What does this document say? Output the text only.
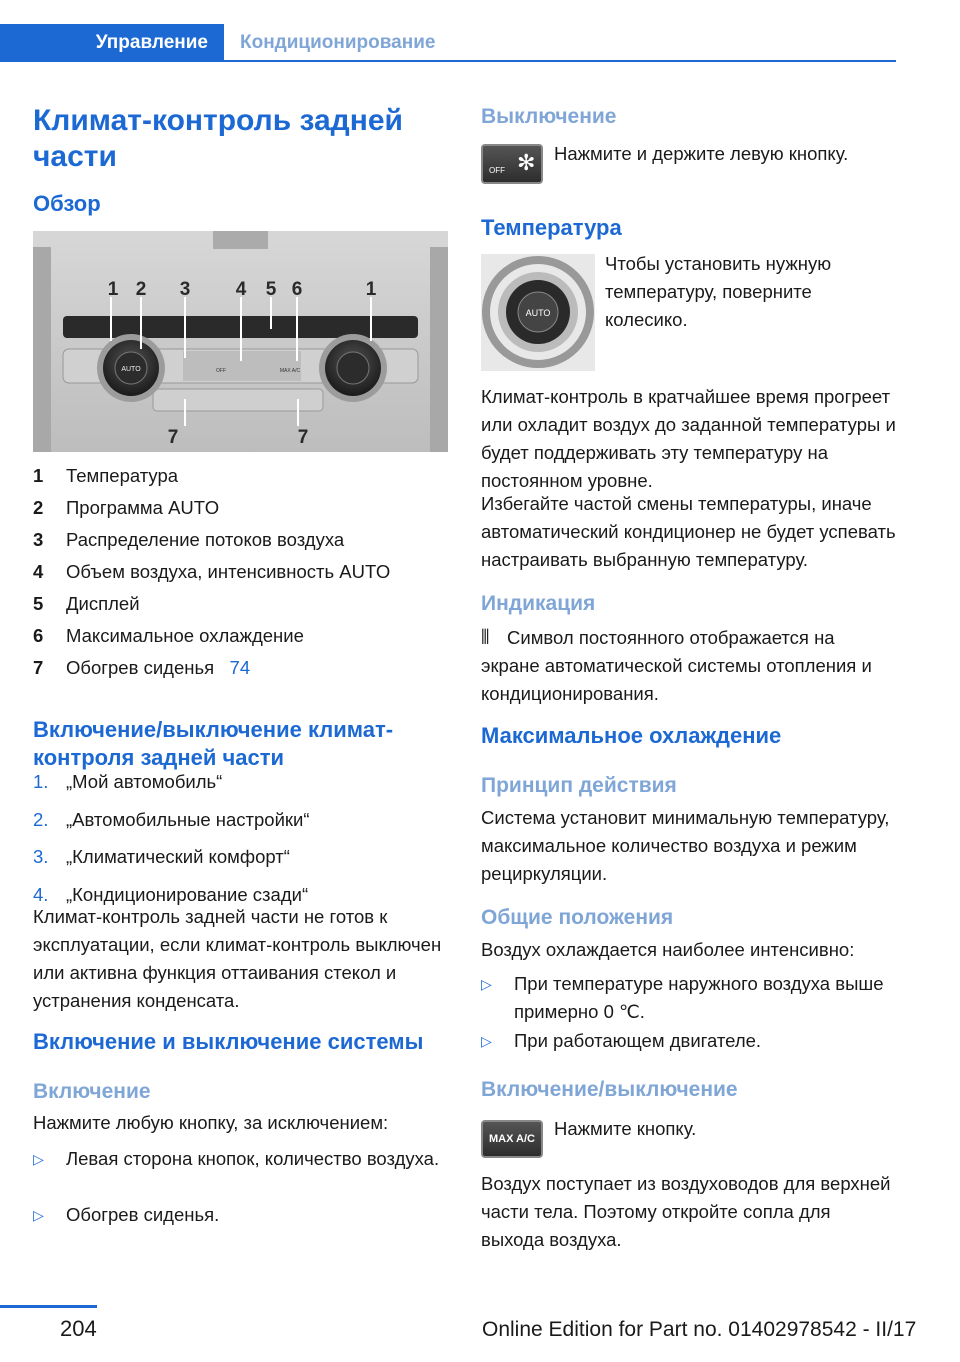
Управление	Кондиционирование
Климат-контроль задней части
Обзор
AUTO	OFF	MAX A/C
1 2 3 4 5 6	1
7	7
1	Температура
2	Программа AUTO
3	Распределение потоков воздуха
4	Объем воздуха, интенсивность AUTO
5	Дисплей
6	Максимальное охлаждение
7	Обогрев сиденья 74
Включение/выключение климат-контроля задней части
1. „Мой автомобиль“
2. „Автомобильные настройки“
3. „Климатический комфорт“
4. „Кондиционирование сзади“

Климат-контроль задней части не готов к эксплуатации, если климат-контроль выключен или активна функция оттаивания стекол и устранения конденсата.

Включение и выключение системы
Включение

Нажмите любую кнопку, за исключением:

▷ Левая сторона кнопок, количество воздуха.
▷ Обогрев сиденья.
Выключение
OFF ✻ Нажмите и держите левую кнопку.

Температура
AUTO

Чтобы установить нужную температуру, поверните колесико.

Климат-контроль в кратчайшее время прогреет или охладит воздух до заданной температуры и будет поддерживать эту температуру на постоянном уровне.

Избегайте частой смены температуры, иначе автоматический кондиционер не будет успевать настраивать выбранную температуру.

Индикация
⫴ Символ постоянного отображается на экране автоматической системы отопления и кондиционирования.

Максимальное охлаждение
Принцип действия

Система установит минимальную температуру, максимальное количество воздуха и режим рециркуляции.

Общие положения

Воздух охлаждается наиболее интенсивно:

▷ При температуре наружного воздуха выше примерно 0 ℃.
▷ При работающем двигателе.
Включение/выключение
MAX A/C Нажмите кнопку.

Воздух поступает из воздуховодов для верхней части тела. Поэтому откройте сопла для выхода воздуха.

204	Online Edition for Part no. 01402978542 - II/17
